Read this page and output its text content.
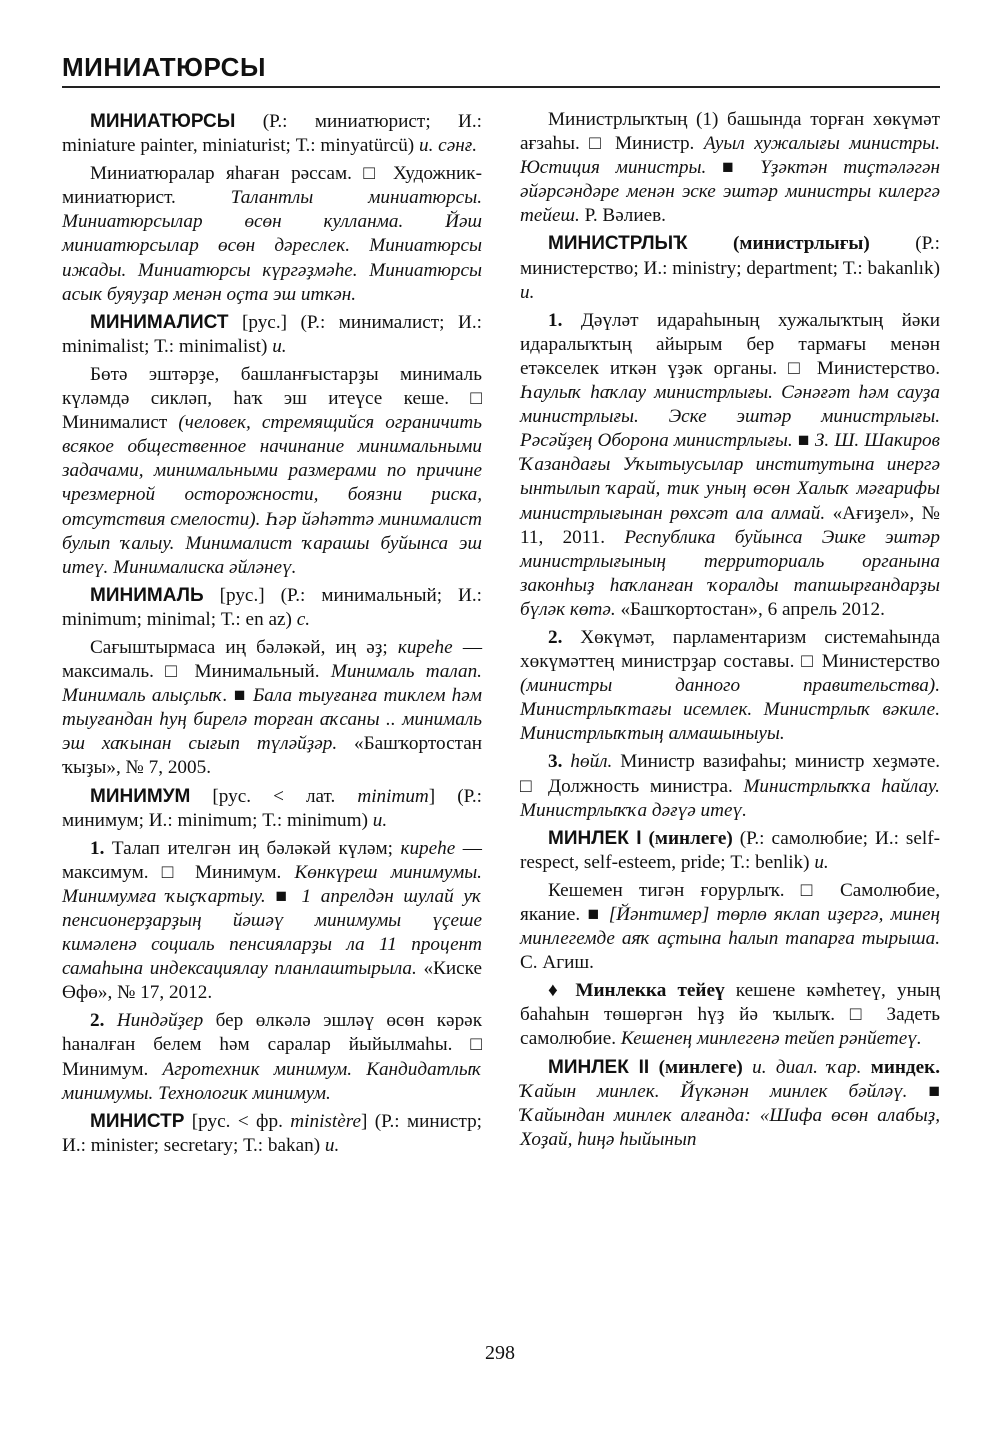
МИНИАТЮРСЫ

МИНИАТЮРСЫ (Р.: миниатюрист; И.: miniature painter, miniaturist; Т.: minyatürcü) и. сәнғ.

Миниатюралар яһаған рәссам. □ Художник-миниатюрист. Талантлы миниатюрсы. Миниатюрсылар өсөн кулланма. Йәш миниатюрсылар өсөн дәреслек. Миниатюрсы ижады. Миниатюрсы күргәҙмәһе. Миниатюрсы асык буяуҙар менән оҫта эш иткән.

МИНИМАЛИСТ [рус.] (Р.: минималист; И.: minimalist; Т.: minimalist) и.

Бөтә эштәрҙе, башланғыстарҙы минималь күләмдә сикләп, һаҡ эш итеүсе кеше. □ Минималист (человек, стремящийся ограничить всякое общественное начинание минимальными задачами, минимальными размерами по причине чрезмерной осторожности, боязни риска, отсутствия смелости). Һәр йәһәттә минималист булып ҡалыу. Минималист ҡарашы буйынса эш итеү. Минималиска әйләнеү.

МИНИМАЛЬ [рус.] (Р.: минимальный; И.: minimum; minimal; Т.: en az) с.

Сағыштырмаса иң бәләкәй, иң әҙ; киреһе — максималь. □ Минимальный. Минималь талап. Минималь алыҫлыҡ. ■ Бала тыуғанға тиклем һәм тыуғандан һуң бирелә торған аҡсаны .. минималь эш хаҡынан сығып түләйҙәр. «Башҡортостан ҡыҙы», № 7, 2005.

МИНИМУМ [рус. < лат. minimum] (Р.: минимум; И.: minimum; Т.: minimum) и.

1. Талап ителгән иң бәләкәй күләм; киреһе — максимум. □ Минимум. Көнкүреш минимумы. Минимумға ҡыҫҡартыу. ■ 1 апрелдән шулай уҡ пенсионерҙарҙың йәшәү минимумы үҫеше кимәленә социаль пенсияларҙы ла 11 процент самаһына индексациялау планлаштырыла. «Киске Өфө», № 17, 2012.

2. Ниндәйҙер бер өлкәлә эшләү өсөн кәрәк һаналған белем һәм саралар йыйылмаһы. □ Минимум. Агротехник минимум. Кандидатлыҡ минимумы. Технологик минимум.

МИНИСТР [рус. < фр. ministère] (Р.: министр; И.: minister; secretary; Т.: bakan) и.

Министрлыҡтың (1) башында торған хөкүмәт ағзаһы. □ Министр. Ауыл хужалығы министры. Юстиция министры. ■ Үҙәктән тиҫтәләгән әйәрсәндәре менән эске эштәр министры килергә тейеш. Р. Вәлиев.

МИНИСТРЛЫҠ (министрлығы) (Р.: министерство; И.: ministry; department; Т.: bakanlık) и.

1. Дәүләт идараһының хужалыҡтың йәки идаралыҡтың айырым бер тармағы менән етәкселек иткән үҙәк органы. □ Министерство. Һаулыҡ һаҡлау министрлығы. Сәнәғәт һәм сауҙа министрлығы. Эске эштәр министрлығы. Рәсәйҙең Оборона министрлығы. ■ З. Ш. Шакиров Ҡазандағы Уҡытыусылар институтына инергә ынтылып ҡарай, тик уның өсөн Халыҡ мәғарифы министрлығынан рөхсәт ала алмай. «Ағиҙел», № 11, 2011. Республика буйынса Эшке эштәр министрлығының территориаль органына законһыҙ һаҡланған ҡоралды тапшырғандарҙы бүләк көтә. «Башҡортостан», 6 апрель 2012.

2. Хөкүмәт, парламентаризм системаһында хөкүмәттең министрҙар составы. □ Министерство (министры данного правительства). Министрлыҡтағы исемлек. Министрлыҡ вәкиле. Министрлыҡтың алмашыныуы.

3. һөйл. Министр вазифаһы; министр хеҙмәте. □ Должность министра. Министрлыҡҡа һайлау. Министрлыҡҡа дәғүә итеү.

МИНЛЕК I (минлеге) (Р.: самолюбие; И.: self-respect, self-esteem, pride; Т.: benlik) и.

Кешемен тигән ғорурлыҡ. □ Самолюбие, якание. ■ [Йәнтимер] төрлө яклап иҙергә, минең минлегемде аяҡ аҫтына һалып тапарға тырыша. С. Агиш.

♦ Минлекка тейеү кешене кәмһетеү, уның баһаһын төшөргән һүҙ йә ҡылыҡ. □ Задеть самолюбие. Кешенең минлегенә тейеп рәнйетеү.

МИНЛЕК II (минлеге) и. диал. ҡар. миндек. Ҡайын минлек. Йүкәнән минлек бәйләү. ■ Ҡайындан минлек алғанда: «Шифа өсөн алабыҙ, Хоҙай, һиңә һыйынып

298
